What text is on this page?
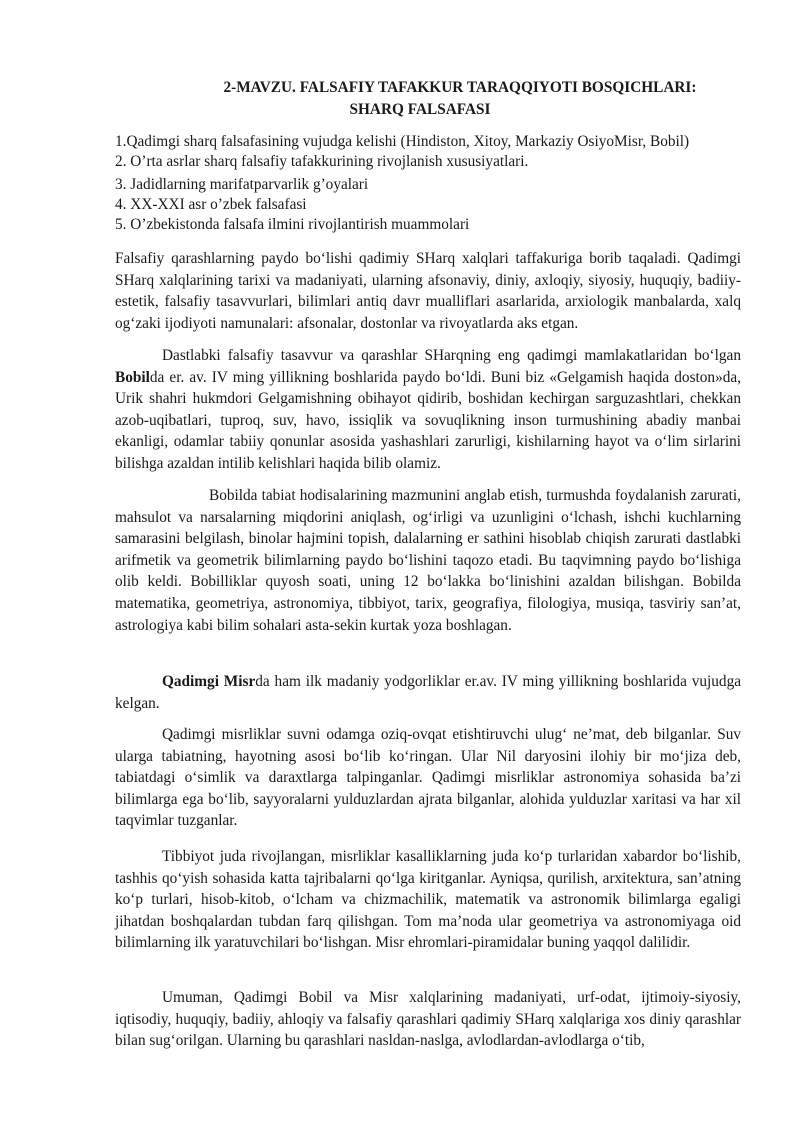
2-MAVZU. FALSAFIY TAFAKKUR TARAQQIYOTI BOSQICHLARI:
SHARQ FALSAFASI
1.Qadimgi sharq falsafasining vujudga kelishi (Hindiston, Xitoy, Markaziy OsiyoMisr, Bobil)
2. O’rta asrlar sharq falsafiy tafakkurining rivojlanish xususiyatlari.
3. Jadidlarning marifatparvarlik g’oyalari
4. XX-XXI asr o’zbek falsafasi
5. O’zbekistonda falsafa ilmini rivojlantirish muammolari

Falsafiy qarashlarning paydo bo‘lishi qadimiy SHarq xalqlari taffakuriga borib taqaladi. Qadimgi SHarq xalqlarining tarixi va madaniyati, ularning afsonaviy, diniy, axloqiy, siyosiy, huquqiy, badiiy-estetik, falsafiy tasavvurlari, bilimlari antiq davr mualliflari asarlarida, arxiologik manbalarda, xalq og‘zaki ijodiyoti namunalari: afsonalar, dostonlar va rivoyatlarda aks etgan.

Dastlabki falsafiy tasavvur va qarashlar SHarqning eng qadimgi mamlakatlaridan bo‘lgan Bobilda er. av. IV ming yillikning boshlarida paydo bo‘ldi. Buni biz «Gelgamish haqida doston»da, Urik shahri hukmdori Gelgamishning obihayot qidirib, boshidan kechirgan sarguzashtlari, chekkan azob-uqibatlari, tuproq, suv, havo, issiqlik va sovuqlikning inson turmushining abadiy manbai ekanligi, odamlar tabiiy qonunlar asosida yashashlari zarurligi, kishilarning hayot va o‘lim sirlarini bilishga azaldan intilib kelishlari haqida bilib olamiz.

Bobilda tabiat hodisalarining mazmunini anglab etish, turmushda foydalanish zarurati, mahsulot va narsalarning miqdorini aniqlash, og‘irligi va uzunligini o‘lchash, ishchi kuchlarning samarasini belgilash, binolar hajmini topish, dalalarning er sathini hisoblab chiqish zarurati dastlabki arifmetik va geometrik bilimlarning paydo bo‘lishini taqozo etadi. Bu taqvimning paydo bo‘lishiga olib keldi. Bobilliklar quyosh soati, uning 12 bo‘lakka bo‘linishini azaldan bilishgan. Bobilda matematika, geometriya, astronomiya, tibbiyot, tarix, geografiya, filologiya, musiqa, tasviriy san’at, astrologiya kabi bilim sohalari asta-sekin kurtak yoza boshlagan.

Qadimgi Misrda ham ilk madaniy yodgorliklar er.av. IV ming yillikning boshlarida vujudga kelgan.

Qadimgi misrliklar suvni odamga oziq-ovqat etishtiruvchi ulug‘ ne’mat, deb bilganlar. Suv ularga tabiatning, hayotning asosi bo‘lib ko‘ringan. Ular Nil daryosini ilohiy bir mo‘jiza deb, tabiatdagi o‘simlik va daraxtlarga talpinganlar. Qadimgi misrliklar astronomiya sohasida ba’zi bilimlarga ega bo‘lib, sayyoralarni yulduzlardan ajrata bilganlar, alohida yulduzlar xaritasi va har xil taqvimlar tuzganlar.

Tibbiyot juda rivojlangan, misrliklar kasalliklarning juda ko‘p turlaridan xabardor bo‘lishib, tashhis qo‘yish sohasida katta tajribalarni qo‘lga kiritganlar. Ayniqsa, qurilish, arxitektura, san’atning ko‘p turlari, hisob-kitob, o‘lcham va chizmachilik, matematik va astronomik bilimlarga egaligi jihatdan boshqalardan tubdan farq qilishgan. Tom ma’noda ular geometriya va astronomiyaga oid bilimlarning ilk yaratuvchilari bo‘lishgan. Misr ehromlari-piramidalar buning yaqqol dalilidir.

Umuman, Qadimgi Bobil va Misr xalqlarining madaniyati, urf-odat, ijtimoiy-siyosiy, iqtisodiy, huquqiy, badiiy, ahloqiy va falsafiy qarashlari qadimiy SHarq xalqlariga xos diniy qarashlar bilan sug‘orilgan. Ularning bu qarashlari nasldan-naslga, avlodlardan-avlodlarga o‘tib,
